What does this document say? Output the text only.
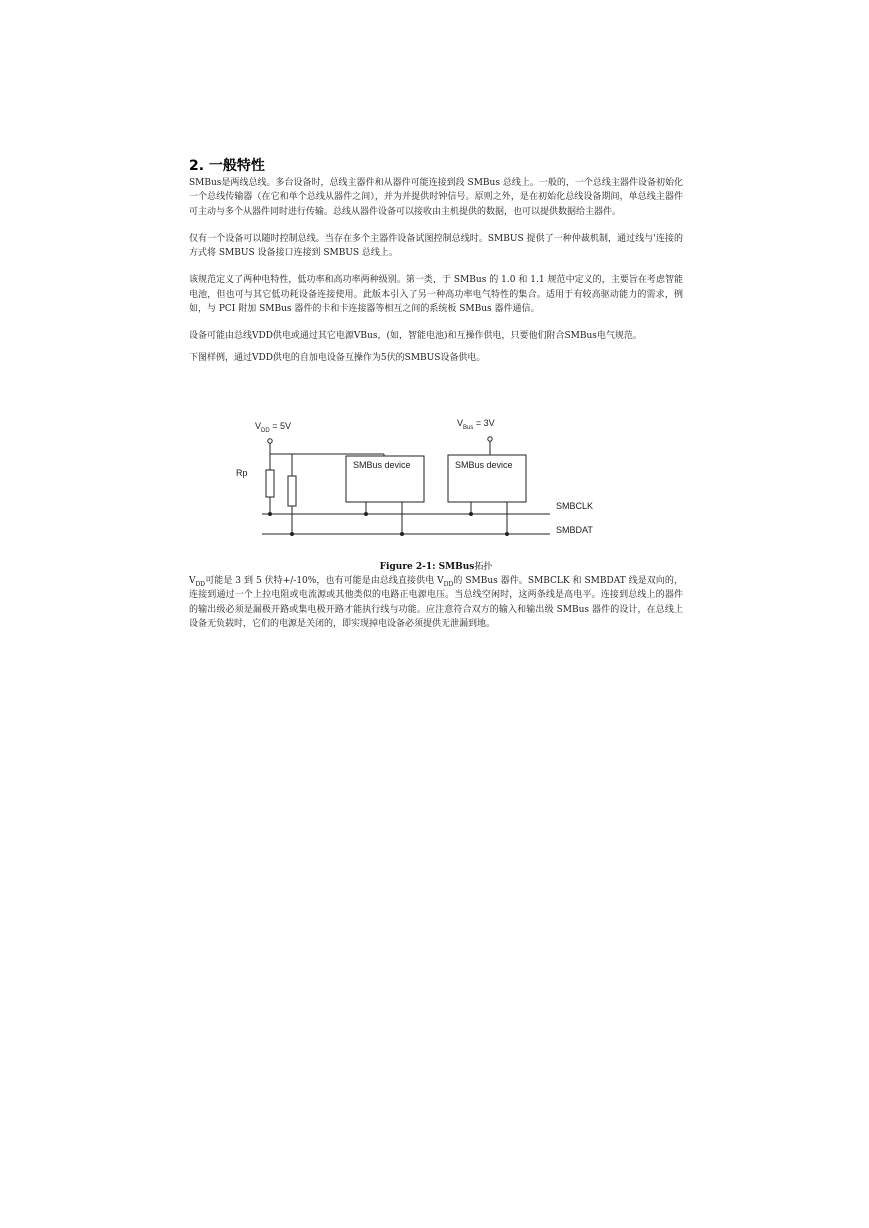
2. 一般特性

SMBus是两线总线。多台设备时，总线主器件和从器件可能连接到段 SMBus 总线上。一般的，一个总线主器件设备初始化一个总线传输器（在它和单个总线从器件之间），并为并提供时钟信号。原则之外，是在初始化总线设备期间，单总线主器件可主动与多个从器件同时进行传输。总线从器件设备可以接收由主机提供的数据，也可以提供数据给主器件。

仅有一个设备可以随时控制总线。当存在多个主器件设备试图控制总线时。SMBUS 提供了一种仲裁机制，通过线与'连接的方式将 SMBUS 设备接口连接到 SMBUS 总线上。

该规范定义了两种电特性，低功率和高功率两种级别。第一类，于 SMBus 的 1.0 和 1.1 规范中定义的，主要旨在考虑智能电池，但也可与其它低功耗设备连接使用。此版本引入了另一种高功率电气特性的集合。适用于有较高驱动能力的需求，例如，与 PCI 附加 SMBus 器件的卡和卡连接器等相互之间的系统板 SMBus 器件通信。

设备可能由总线VDD供电或通过其它电源VBus，(如，智能电池)和互操作供电，只要他们附合SMBus电气规范。

下图样例，通过VDD供电的自加电设备互操作为5伏的SMBUS设备供电。

$V_{DD} = 5V$	$V_{Bus} = 3V$
Rp
SMBus device	SMBus device
SMBCLK
SMBDAT
Figure 2-1: SMBus拓扑

$V_{DD}$可能是 3 到 5 伏特+/-10%，也有可能是由总线直接供电 $V_{DD}$的 SMBus 器件。SMBCLK 和 SMBDAT 线是双向的，连接到通过一个上拉电阻或电流源或其他类似的电路正电源电压。当总线空闲时，这两条线是高电平。连接到总线上的器件的输出级必须是漏极开路或集电极开路才能执行线与功能。应注意符合双方的输入和输出级 SMBus 器件的设计，在总线上设备无负载时，它们的电源是关闭的，即实现掉电设备必须提供无泄漏到地。
